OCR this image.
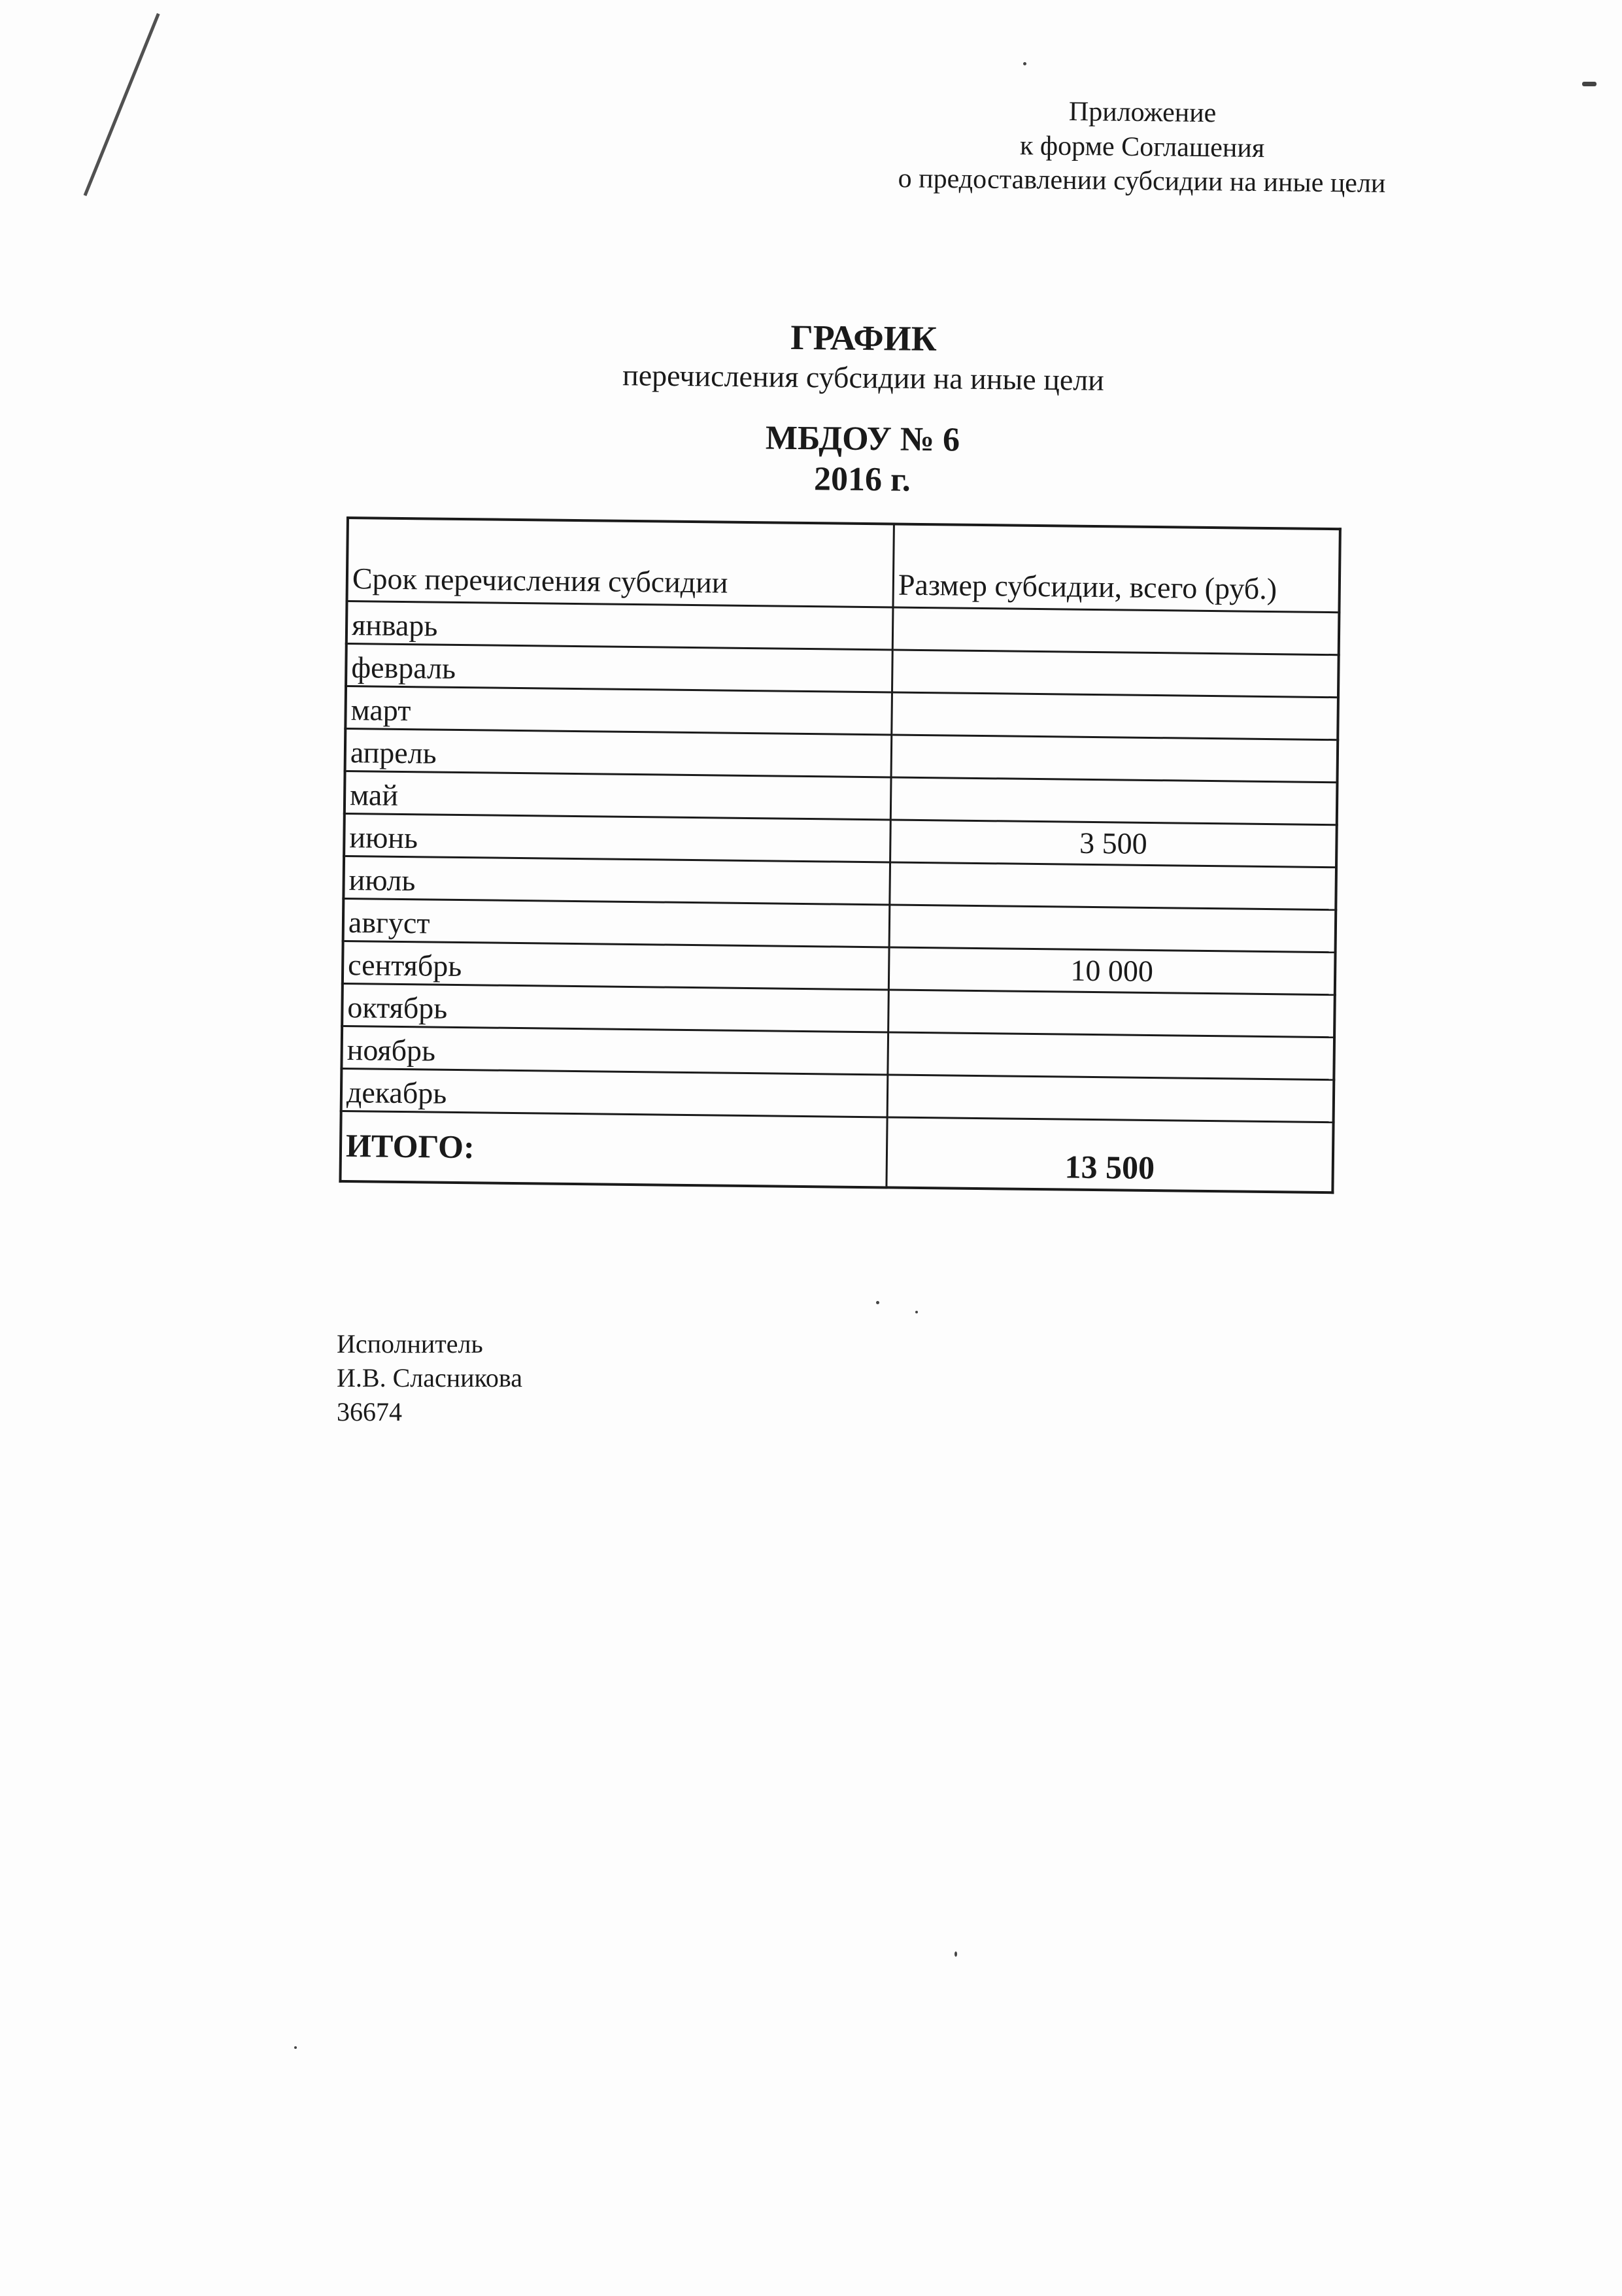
Приложение
к форме Соглашения
о предоставлении субсидии на иные цели
ГРАФИК
перечисления субсидии на иные цели
МБДОУ № 6
2016 г.
Срок перечисления субсидии	Размер субсидии, всего (руб.)
январь	
февраль	
март	
апрель	
май	
июнь	3 500
июль	
август	
сентябрь	10 000
октябрь	
ноябрь	
декабрь	
ИТОГО:	13 500
Исполнитель
И.В. Сласникова
36674
